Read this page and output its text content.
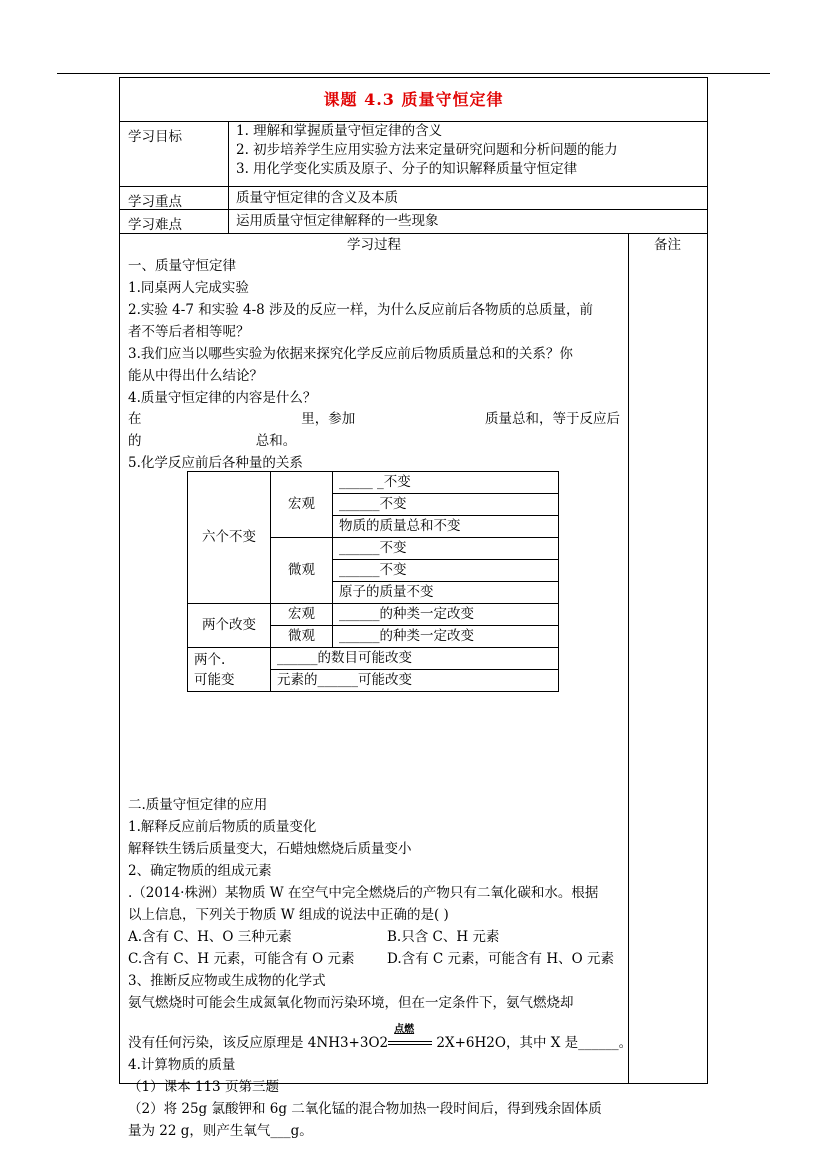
课题 4.3 质量守恒定律
学习目标	1. 理解和掌握质量守恒定律的含义
2. 初步培养学生应用实验方法来定量研究问题和分析问题的能力
3. 用化学变化实质及原子、分子的知识解释质量守恒定律
学习重点	质量守恒定律的含义及本质
学习难点	运用质量守恒定律解释的一些现象
学习过程	备注
一、质量守恒定律
1.同桌两人完成实验
2.实验 4-7 和实验 4-8 涉及的反应一样，为什么反应前后各物质的总质量，前
者不等后者相等呢？
3.我们应当以哪些实验为依据来探究化学反应前后物质质量总和的关系？你
能从中得出什么结论？
4.质量守恒定律的内容是什么？
在	里，参加	质量总和，等于反应后
的	总和。
5.化学反应前后各种量的关系
六个不变	宏观	_____ _不变
		______不变
		物质的质量总和不变
	微观	______不变
		______不变
		原子的质量不变
两个改变	宏观	______的种类一定改变
	微观	______的种类一定改变

两个.
可能变	______的数目可能改变	
	元素的______可能改变	
二.质量守恒定律的应用
1.解释反应前后物质的质量变化
解释铁生锈后质量变大，石蜡烛燃烧后质量变小
2、确定物质的组成元素
.（2014·株洲）某物质 W 在空气中完全燃烧后的产物只有二氧化碳和水。根据
以上信息，下列关于物质 W 组成的说法中正确的是( )
A.含有 C、H、O 三种元素	B.只含 C、H 元素
C.含有 C、H 元素，可能含有 O 元素 D.含有 C 元素，可能含有 H、O 元素
3、推断反应物或生成物的化学式
氨气燃烧时可能会生成氮氧化物而污染环境，但在一定条件下，氨气燃烧却
没有任何污染，该反应原理是 4NH3+3O2
点燃
2X+6H2O，其中 X 是______。
4.计算物质的质量
（1）课本 113 页第三题
（2）将 25g 氯酸钾和 6g 二氧化锰的混合物加热一段时间后，得到残余固体质
量为 22 g，则产生氧气___g。
